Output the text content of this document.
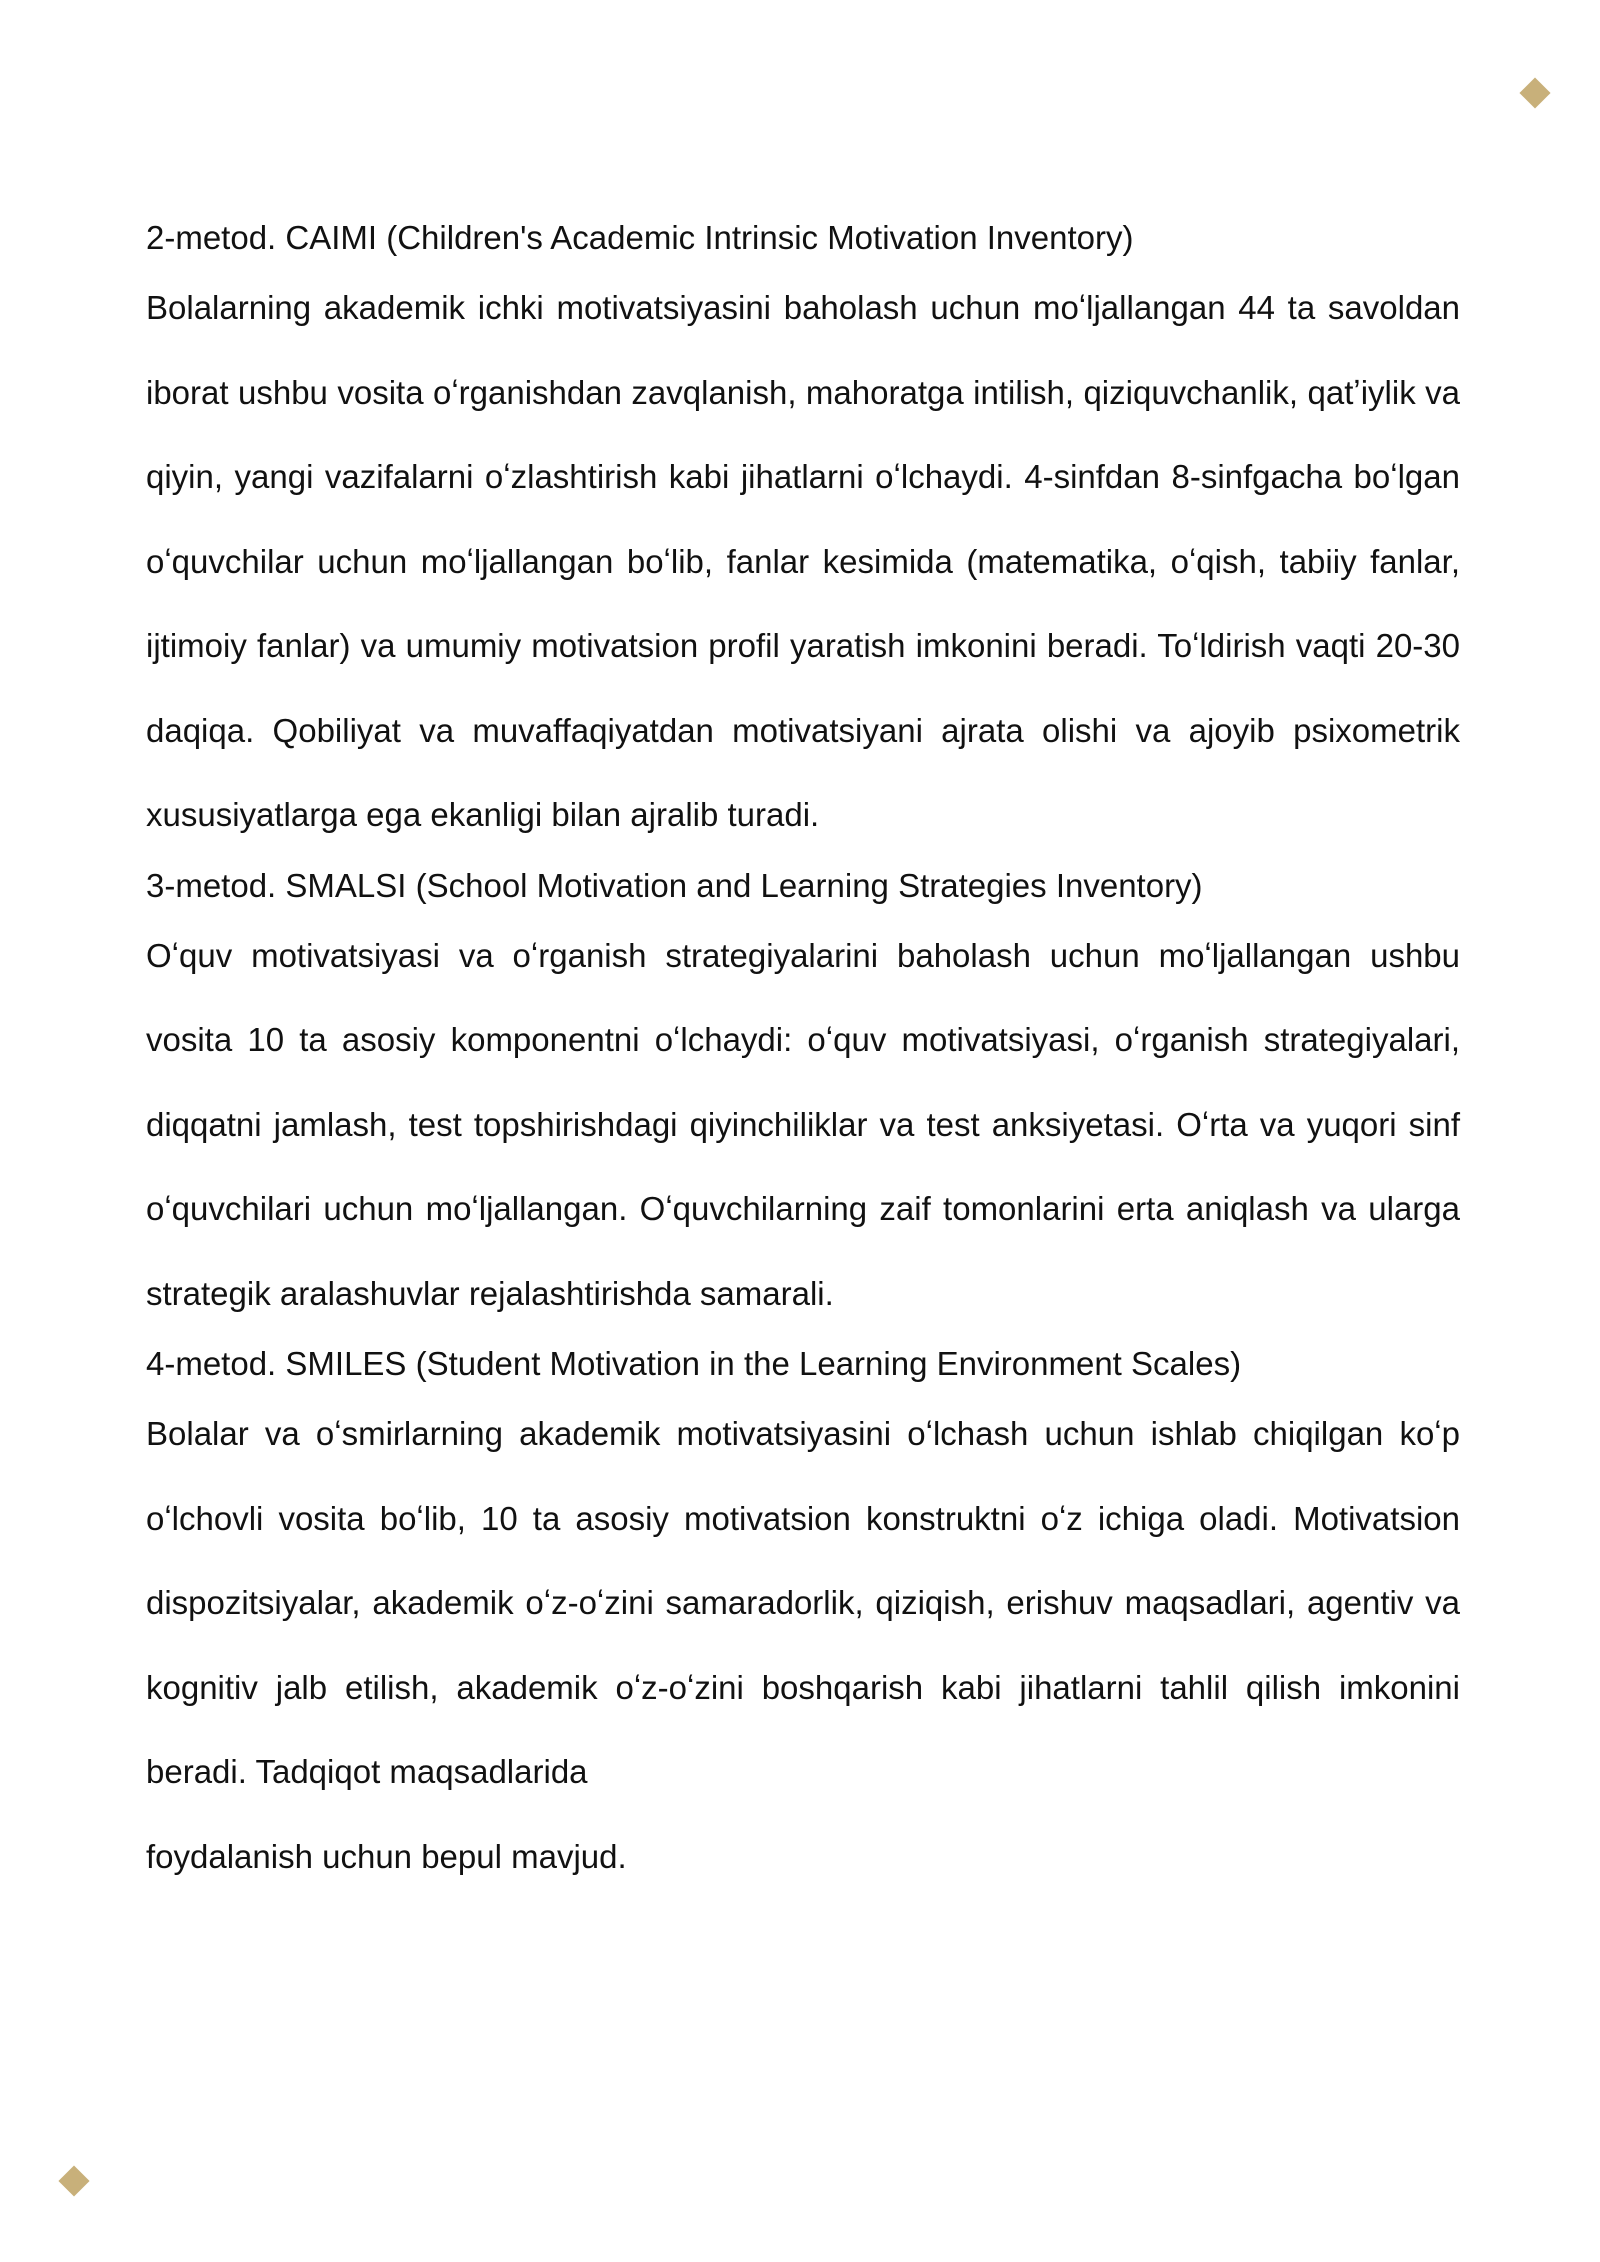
2-metod. CAIMI (Children's Academic Intrinsic Motivation Inventory)

Bolalarning akademik ichki motivatsiyasini baholash uchun moʻljallangan 44 ta savoldan iborat ushbu vosita oʻrganishdan zavqlanish, mahoratga intilish, qiziquvchanlik, qatʼiylik va qiyin, yangi vazifalarni oʻzlashtirish kabi jihatlarni oʻlchaydi. 4-sinfdan 8-sinfgacha boʻlgan oʻquvchilar uchun moʻljallangan boʻlib, fanlar kesimida (matematika, oʻqish, tabiiy fanlar, ijtimoiy fanlar) va umumiy motivatsion profil yaratish imkonini beradi. Toʻldirish vaqti 20-30 daqiqa. Qobiliyat va muvaffaqiyatdan motivatsiyani ajrata olishi va ajoyib psixometrik xususiyatlarga ega ekanligi bilan ajralib turadi.

3-metod. SMALSI (School Motivation and Learning Strategies Inventory)

Oʻquv motivatsiyasi va oʻrganish strategiyalarini baholash uchun moʻljallangan ushbu vosita 10 ta asosiy komponentni oʻlchaydi: oʻquv motivatsiyasi, oʻrganish strategiyalari, diqqatni jamlash, test topshirishdagi qiyinchiliklar va test anksiyetasi. Oʻrta va yuqori sinf oʻquvchilari uchun moʻljallangan. Oʻquvchilarning zaif tomonlarini erta aniqlash va ularga strategik aralashuvlar rejalashtirishda samarali.

4-metod. SMILES (Student Motivation in the Learning Environment Scales)

Bolalar va oʻsmirlarning akademik motivatsiyasini oʻlchash uchun ishlab chiqilgan koʻp oʻlchovli vosita boʻlib, 10 ta asosiy motivatsion konstruktni oʻz ichiga oladi. Motivatsion dispozitsiyalar, akademik oʻz-oʻzini samaradorlik, qiziqish, erishuv maqsadlari, agentiv va kognitiv jalb etilish, akademik oʻz-oʻzini boshqarish kabi jihatlarni tahlil qilish imkonini beradi. Tadqiqot maqsadlarida

foydalanish uchun bepul mavjud.
